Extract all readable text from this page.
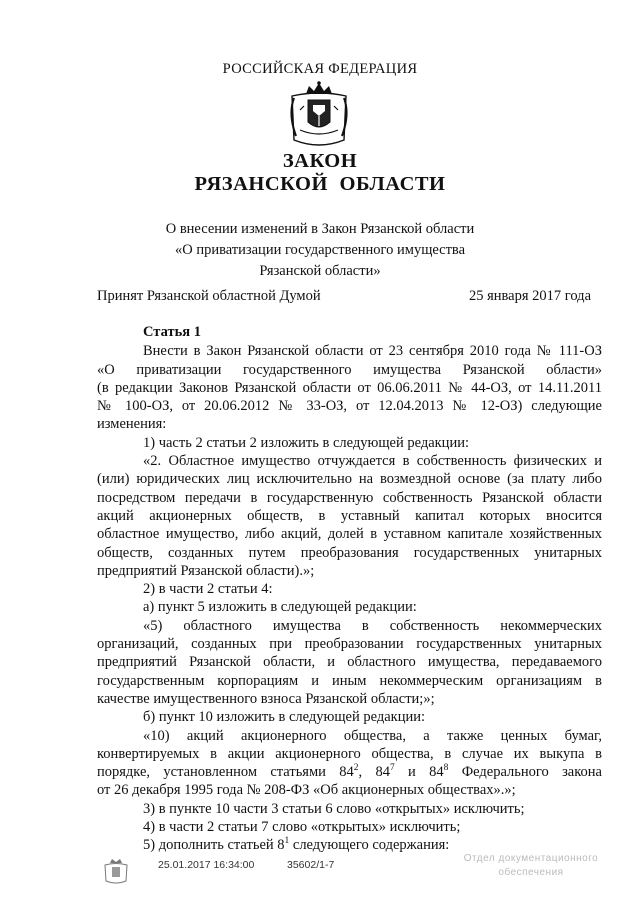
РОССИЙСКАЯ ФЕДЕРАЦИЯ
ЗАКОН
РЯЗАНСКОЙ ОБЛАСТИ
О внесении изменений в Закон Рязанской области
«О приватизации государственного имущества
Рязанской области»
Принят Рязанской областной Думой	25 января 2017 года

Статья 1

Внести в Закон Рязанской области от 23 сентября 2010 года № 111-ОЗ

«О приватизации государственного имущества Рязанской области»

(в редакции Законов Рязанской области от 06.06.2011 № 44-ОЗ, от 14.11.2011

№ 100-ОЗ, от 20.06.2012 № 33-ОЗ, от 12.04.2013 № 12-ОЗ) следующие

изменения:

1) часть 2 статьи 2 изложить в следующей редакции:

«2. Областное имущество отчуждается в собственность физических и

(или) юридических лиц исключительно на возмездной основе (за плату либо

посредством передачи в государственную собственность Рязанской области

акций акционерных обществ, в уставный капитал которых вносится

областное имущество, либо акций, долей в уставном капитале хозяйственных

обществ, созданных путем преобразования государственных унитарных

предприятий Рязанской области).»;

2) в части 2 статьи 4:

а) пункт 5 изложить в следующей редакции:

«5) областного имущества в собственность некоммерческих

организаций, созданных при преобразовании государственных унитарных

предприятий Рязанской области, и областного имущества, передаваемого

государственным корпорациям и иным некоммерческим организациям в

качестве имущественного взноса Рязанской области;»;

б) пункт 10 изложить в следующей редакции:

«10) акций акционерного общества, а также ценных бумаг,

конвертируемых в акции акционерного общества, в случае их выкупа в

порядке, установленном статьями $84^2$, $84^7$ и $84^8$ Федерального закона

от 26 декабря 1995 года № 208-ФЗ «Об акционерных обществах».»;

3) в пункте 10 части 3 статьи 6 слово «открытых» исключить;

4) в части 2 статьи 7 слово «открытых» исключить;

5) дополнить статьей $8^1$ следующего содержания:

25.01.2017 16:34:00	35602/1-7
Отдел документационного
обеспечения
